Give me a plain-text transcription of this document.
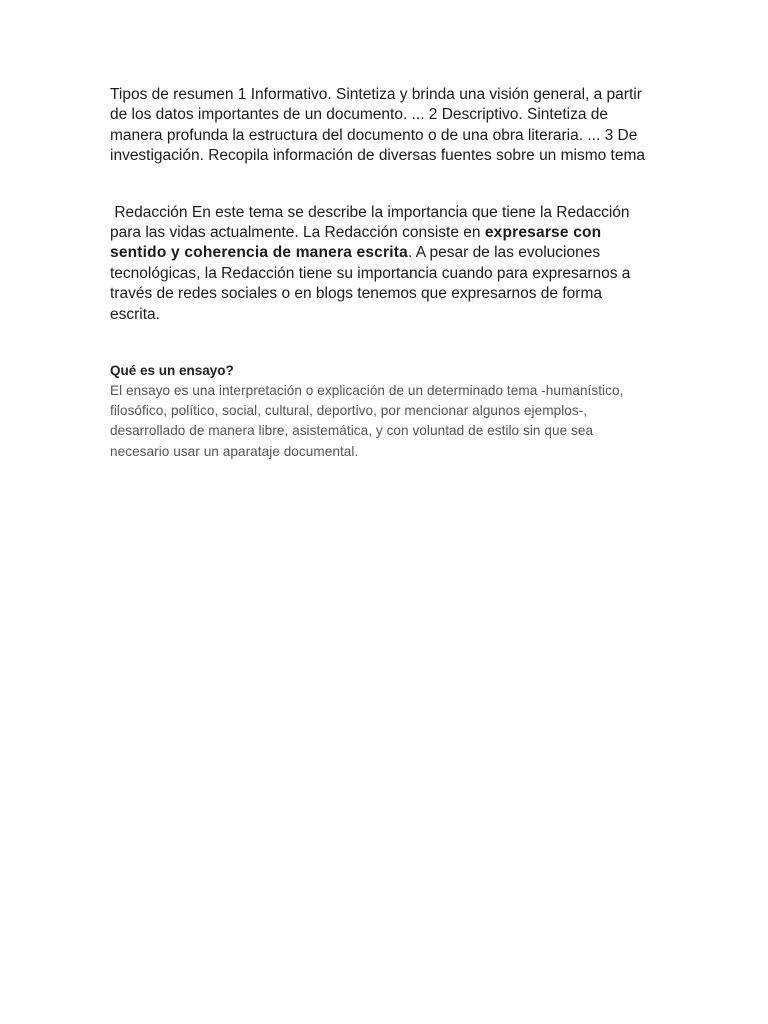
Tipos de resumen 1 Informativo. Sintetiza y brinda una visión general, a partir de los datos importantes de un documento. ... 2 Descriptivo. Sintetiza de manera profunda la estructura del documento o de una obra literaria. ... 3 De investigación. Recopila información de diversas fuentes sobre un mismo tema

Redacción En este tema se describe la importancia que tiene la Redacción para las vidas actualmente. La Redacción consiste en expresarse con sentido y coherencia de manera escrita. A pesar de las evoluciones tecnológicas, la Redacción tiene su importancia cuando para expresarnos a través de redes sociales o en blogs tenemos que expresarnos de forma escrita.

Qué es un ensayo?

El ensayo es una interpretación o explicación de un determinado tema -humanístico, filosófico, político, social, cultural, deportivo, por mencionar algunos ejemplos-, desarrollado de manera libre, asistemática, y con voluntad de estilo sin que sea necesario usar un aparataje documental.
